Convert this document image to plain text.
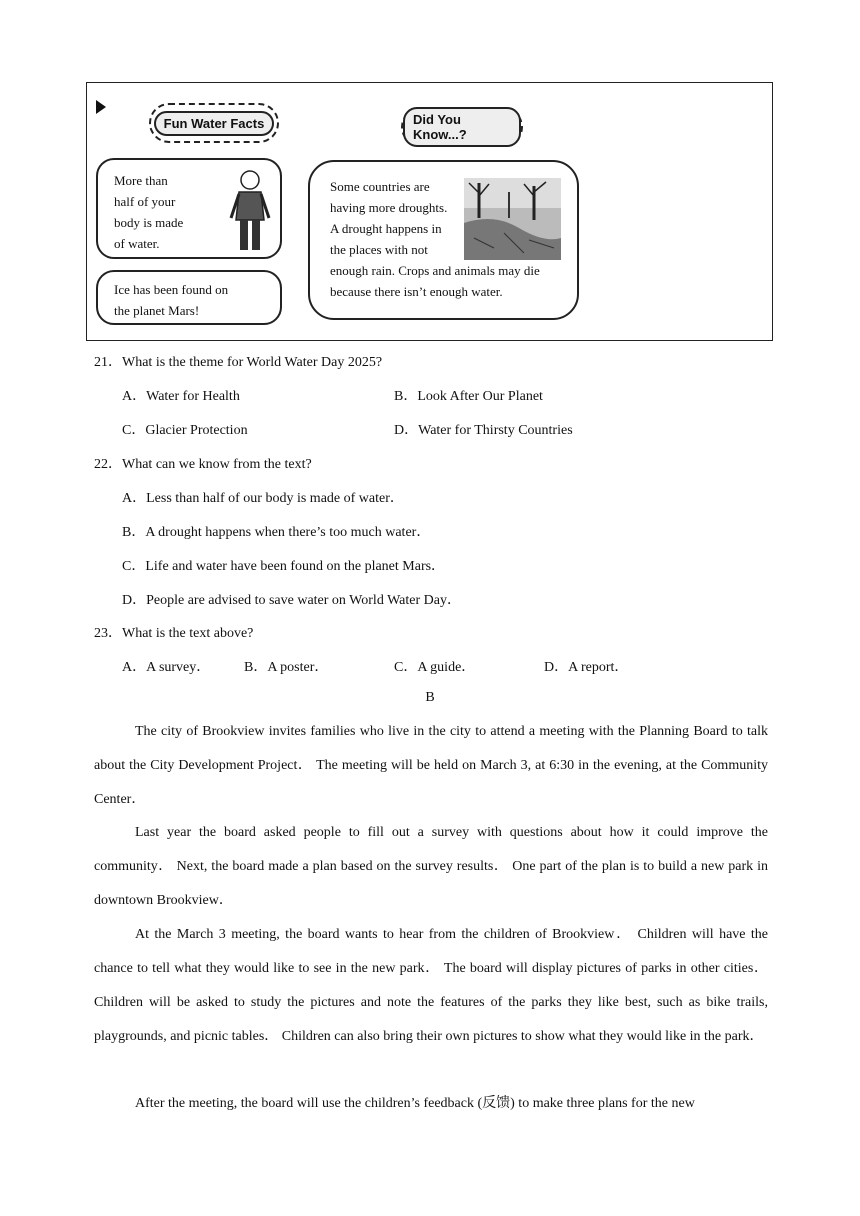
Fun Water Facts	Did You Know...?
More than
half of your
body is made
of water.
Ice has been found on
the planet Mars!
Some countries are
having more droughts.
A drought happens in
the places with not
enough rain. Crops and animals may die
because there isn’t enough water.
21．What is the theme for World Water Day 2025?
A．Water for Health	B．Look After Our Planet
C．Glacier Protection	D．Water for Thirsty Countries
22．What can we know from the text?
A．Less than half of our body is made of water．
B．A drought happens when there’s too much water．
C．Life and water have been found on the planet Mars．
D．People are advised to save water on World Water Day．
23．What is the text above?
A．A survey． B．A poster．	C．A guide．	D．A report．
B

The city of Brookview invites families who live in the city to attend a meeting with the Planning Board to talk about the City Development Project． The meeting will be held on March 3, at 6:30 in the evening, at the Community Center．

Last year the board asked people to fill out a survey with questions about how it could improve the community． Next, the board made a plan based on the survey results． One part of the plan is to build a new park in downtown Brookview．

At the March 3 meeting, the board wants to hear from the children of Brookview． Children will have the chance to tell what they would like to see in the new park． The board will display pictures of parks in other cities． Children will be asked to study the pictures and note the features of the parks they like best, such as bike trails, playgrounds, and picnic tables． Children can also bring their own pictures to show what they would like in the park．

After the meeting, the board will use the children’s feedback (反馈) to make three plans for the new
